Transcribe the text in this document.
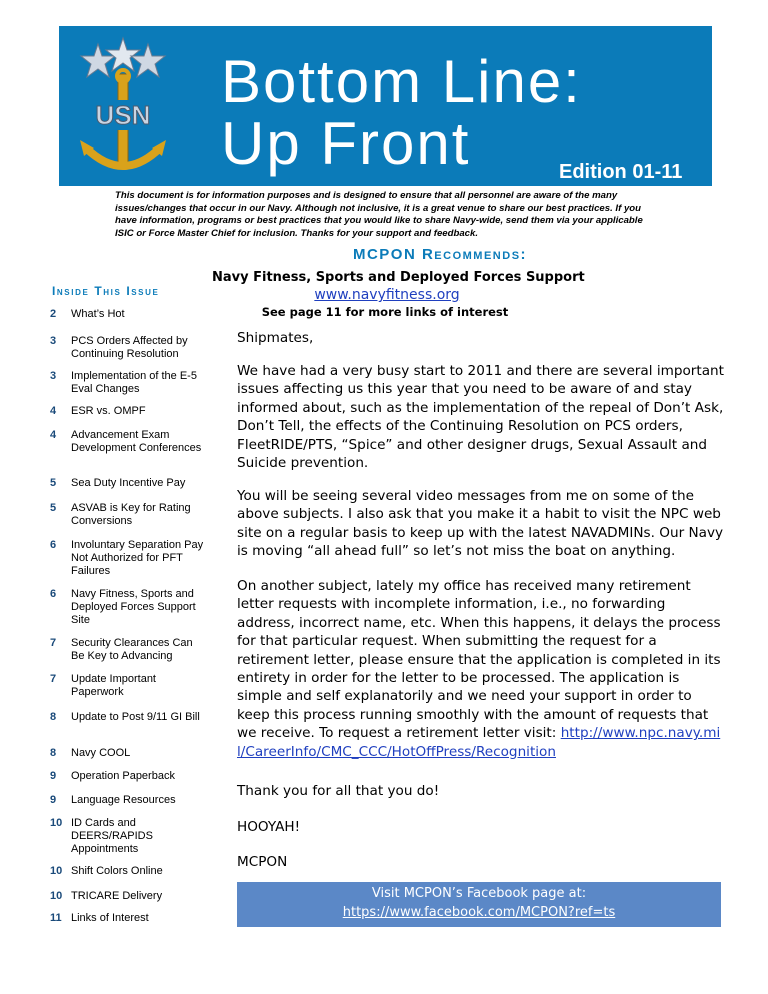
USN Bottom Line:
Up Front	Edition 01-11
This document is for information purposes and is designed to ensure that all personnel are aware of the many issues/changes that occur in our Navy. Although not inclusive, it is a great venue to share our best practices. If you have information, programs or best practices that you would like to share Navy-wide, send them via your applicable ISIC or Force Master Chief for inclusion. Thanks for your support and feedback.
MCPON Recommends:
Navy Fitness, Sports and Deployed Forces Support
www.navyfitness.org
See page 11 for more links of interest
Inside This Issue
2	What’s Hot
3	PCS Orders Affected by Continuing Resolution
3	Implementation of the E-5 Eval Changes
4	ESR vs. OMPF
4	Advancement Exam Development Conferences
5	Sea Duty Incentive Pay
5	ASVAB is Key for Rating Conversions
6	Involuntary Separation Pay Not Authorized for PFT Failures
6	Navy Fitness, Sports and Deployed Forces Support Site
7	Security Clearances Can Be Key to Advancing
7	Update Important Paperwork
8	Update to Post 9/11 GI Bill
8	Navy COOL
9	Operation Paperback
9	Language Resources
10 ID Cards and DEERS/RAPIDS Appointments
10 Shift Colors Online
10 TRICARE Delivery
11 Links of Interest
Shipmates,
We have had a very busy start to 2011 and there are several important issues affecting us this year that you need to be aware of and stay informed about, such as the implementation of the repeal of Don’t Ask, Don’t Tell, the effects of the Continuing Resolution on PCS orders, FleetRIDE/PTS, “Spice” and other designer drugs, Sexual Assault and Suicide prevention.
You will be seeing several video messages from me on some of the above subjects. I also ask that you make it a habit to visit the NPC web site on a regular basis to keep up with the latest NAVADMINs. Our Navy is moving “all ahead full” so let’s not miss the boat on anything.
On another subject, lately my office has received many retirement letter requests with incomplete information, i.e., no forwarding address, incorrect name, etc. When this happens, it delays the process for that particular request. When submitting the request for a retirement letter, please ensure that the application is completed in its entirety in order for the letter to be processed. The application is simple and self explanatorily and we need your support in order to keep this process running smoothly with the amount of requests that we receive. To request a retirement letter visit: http://www.npc.navy.mil/CareerInfo/CMC_CCC/HotOffPress/Recognition
Thank you for all that you do!
HOOYAH!
MCPON
Visit MCPON’s Facebook page at:
https://www.facebook.com/MCPON?ref=ts
